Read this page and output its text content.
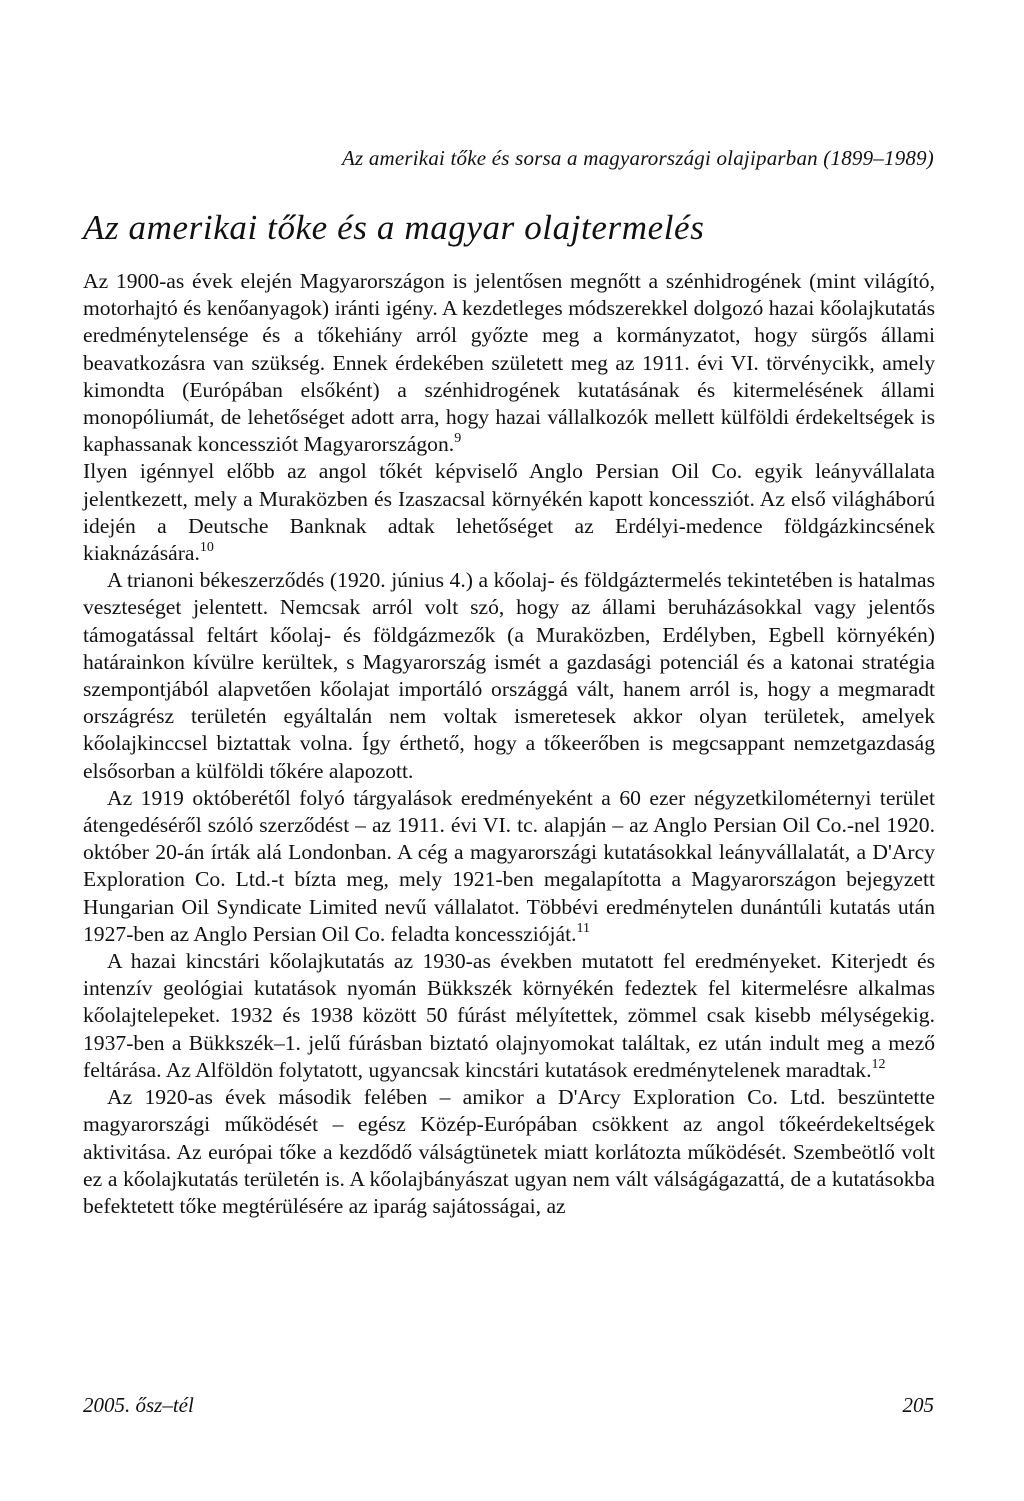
Az amerikai tőke és sorsa a magyarországi olajiparban (1899–1989)
Az amerikai tőke és a magyar olajtermelés

Az 1900-as évek elején Magyarországon is jelentősen megnőtt a szénhidrogének (mint világító, motorhajtó és kenőanyagok) iránti igény. A kezdetleges módszerekkel dolgozó hazai kőolajkutatás eredménytelensége és a tőkehiány arról győzte meg a kormányzatot, hogy sürgős állami beavatkozásra van szükség. Ennek érdekében született meg az 1911. évi VI. törvénycikk, amely kimondta (Európában elsőként) a szénhidrogének kutatásának és kitermelésének állami monopóliumát, de lehetőséget adott arra, hogy hazai vállalkozók mellett külföldi érdekeltségek is kaphassanak koncessziót Magyarországon.$^9$

Ilyen igénnyel előbb az angol tőkét képviselő Anglo Persian Oil Co. egyik leányvállalata jelentkezett, mely a Muraközben és Izaszacsal környékén kapott koncessziót. Az első világháború idején a Deutsche Banknak adtak lehetőséget az Erdélyi-medence földgázkincsének kiaknázására.$^{10}$

A trianoni békeszerződés (1920. június 4.) a kőolaj- és földgáztermelés tekintetében is hatalmas veszteséget jelentett. Nemcsak arról volt szó, hogy az állami beruházásokkal vagy jelentős támogatással feltárt kőolaj- és földgázmezők (a Muraközben, Erdélyben, Egbell környékén) határainkon kívülre kerültek, s Magyarország ismét a gazdasági potenciál és a katonai stratégia szempontjából alapvetően kőolajat importáló országgá vált, hanem arról is, hogy a megmaradt országrész területén egyáltalán nem voltak ismeretesek akkor olyan területek, amelyek kőolajkinccsel biztattak volna. Így érthető, hogy a tőkeerőben is megcsappant nemzetgazdaság elsősorban a külföldi tőkére alapozott.

Az 1919 októberétől folyó tárgyalások eredményeként a 60 ezer négyzetkilométernyi terület átengedéséről szóló szerződést – az 1911. évi VI. tc. alapján – az Anglo Persian Oil Co.-nel 1920. október 20-án írták alá Londonban. A cég a magyarországi kutatásokkal leányvállalatát, a D'Arcy Exploration Co. Ltd.-t bízta meg, mely 1921-ben megalapította a Magyarországon bejegyzett Hungarian Oil Syndicate Limited nevű vállalatot. Többévi eredménytelen dunántúli kutatás után 1927-ben az Anglo Persian Oil Co. feladta koncesszióját.$^{11}$

A hazai kincstári kőolajkutatás az 1930-as években mutatott fel eredményeket. Kiterjedt és intenzív geológiai kutatások nyomán Bükkszék környékén fedeztek fel kitermelésre alkalmas kőolajtelepeket. 1932 és 1938 között 50 fúrást mélyítettek, zömmel csak kisebb mélységekig. 1937-ben a Bükkszék–1. jelű fúrásban biztató olajnyomokat találtak, ez után indult meg a mező feltárása. Az Alföldön folytatott, ugyancsak kincstári kutatások eredménytelenek maradtak.$^{12}$

Az 1920-as évek második felében – amikor a D'Arcy Exploration Co. Ltd. beszüntette magyarországi működését – egész Közép-Európában csökkent az angol tőkeérdekeltségek aktivitása. Az európai tőke a kezdődő válságtünetek miatt korlátozta működését. Szembeötlő volt ez a kőolajkutatás területén is. A kőolajbányászat ugyan nem vált válságágazattá, de a kutatásokba befektetett tőke megtérülésére az iparág sajátosságai, az

2005. ősz–tél	205
